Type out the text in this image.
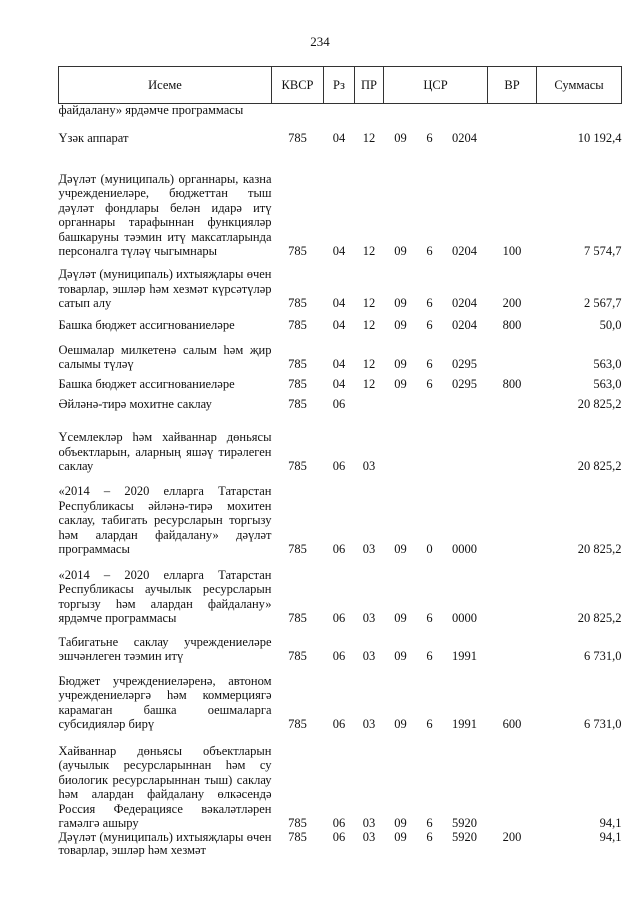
234
Исеме	КВСР	Рз	ПР	ЦСР			ВР	Суммасы
файдалану» ярдәмче программасы								
Үзәк аппарат	785	04	12	09	6	0204		10 192,4
Дәүләт (муниципаль) органнары, казна учреждениеләре, бюджеттан тыш дәүләт фондлары белән идарә итү органнары тарафыннан функцияләр башкаруны тәэмин итү максатларында персоналга түләү чыгымнары	785	04	12	09	6	0204	100	7 574,7
Дәүләт (муниципаль) ихтыяҗлары өчен товарлар, эшләр һәм хезмәт күрсәтүләр сатып алу	785	04	12	09	6	0204	200	2 567,7
Башка бюджет ассигнованиеләре	785	04	12	09	6	0204	800	50,0
Оешмалар милкетенә салым һәм җир салымы түләү	785	04	12	09	6	0295		563,0
Башка бюджет ассигнованиеләре	785	04	12	09	6	0295	800	563,0
Әйләнә-тирә мохитне саклау	785	06						20 825,2
Үсемлекләр һәм хайваннар дөньясы объектларын, аларның яшәү тирәлеген саклау	785	06	03					20 825,2
«2014 – 2020 елларга Татарстан Республикасы әйләнә-тирә мохитен саклау, табигать ресурсларын торгызу һәм алардан файдалану» дәүләт программасы	785	06	03	09	0	0000		20 825,2
«2014 – 2020 елларга Татарстан Республикасы аучылык ресурсларын торгызу һәм алардан файдалану» ярдәмче программасы	785	06	03	09	6	0000		20 825,2
Табигатьне саклау учреждениеләре эшчәнлеген тәэмин итү	785	06	03	09	6	1991		6 731,0
Бюджет учреждениеләренә, автоном учреждениеләргә һәм коммерциягә карамаган башка оешмаларга субсидияләр бирү	785	06	03	09	6	1991	600	6 731,0
Хайваннар дөньясы объектларын (аучылык ресурсларыннан һәм су биологик ресурсларыннан тыш) саклау һәм алардан файдалану өлкәсендә Россия Федерациясе вәкаләтләрен гамәлгә ашыру	785	06	03	09	6	5920		94,1
Дәүләт (муниципаль) ихтыяҗлары өчен товарлар, эшләр һәм хезмәт	785	06	03	09	6	5920	200	94,1
